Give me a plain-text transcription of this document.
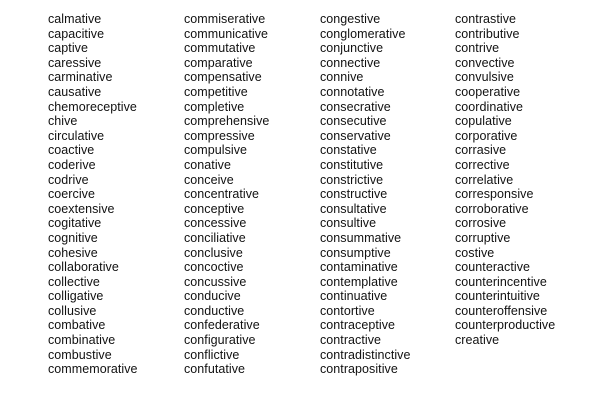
calmative
capacitive
captive
caressive
carminative
causative
chemoreceptive
chive
circulative
coactive
coderive
codrive
coercive
coextensive
cogitative
cognitive
cohesive
collaborative
collective
colligative
collusive
combative
combinative
combustive
commemorative
commiserative
communicative
commutative
comparative
compensative
competitive
completive
comprehensive
compressive
compulsive
conative
conceive
concentrative
conceptive
concessive
conciliative
conclusive
concoctive
concussive
conducive
conductive
confederative
configurative
conflictive
confutative
congestive
conglomerative
conjunctive
connective
connive
connotative
consecrative
consecutive
conservative
constative
constitutive
constrictive
constructive
consultative
consultive
consummative
consumptive
contaminative
contemplative
continuative
contortive
contraceptive
contractive
contradistinctive
contrapositive
contrastive
contributive
contrive
convective
convulsive
cooperative
coordinative
copulative
corporative
corrasive
corrective
correlative
corresponsive
corroborative
corrosive
corruptive
costive
counteractive
counterincentive
counterintuitive
counteroffensive
counterproductive
creative
